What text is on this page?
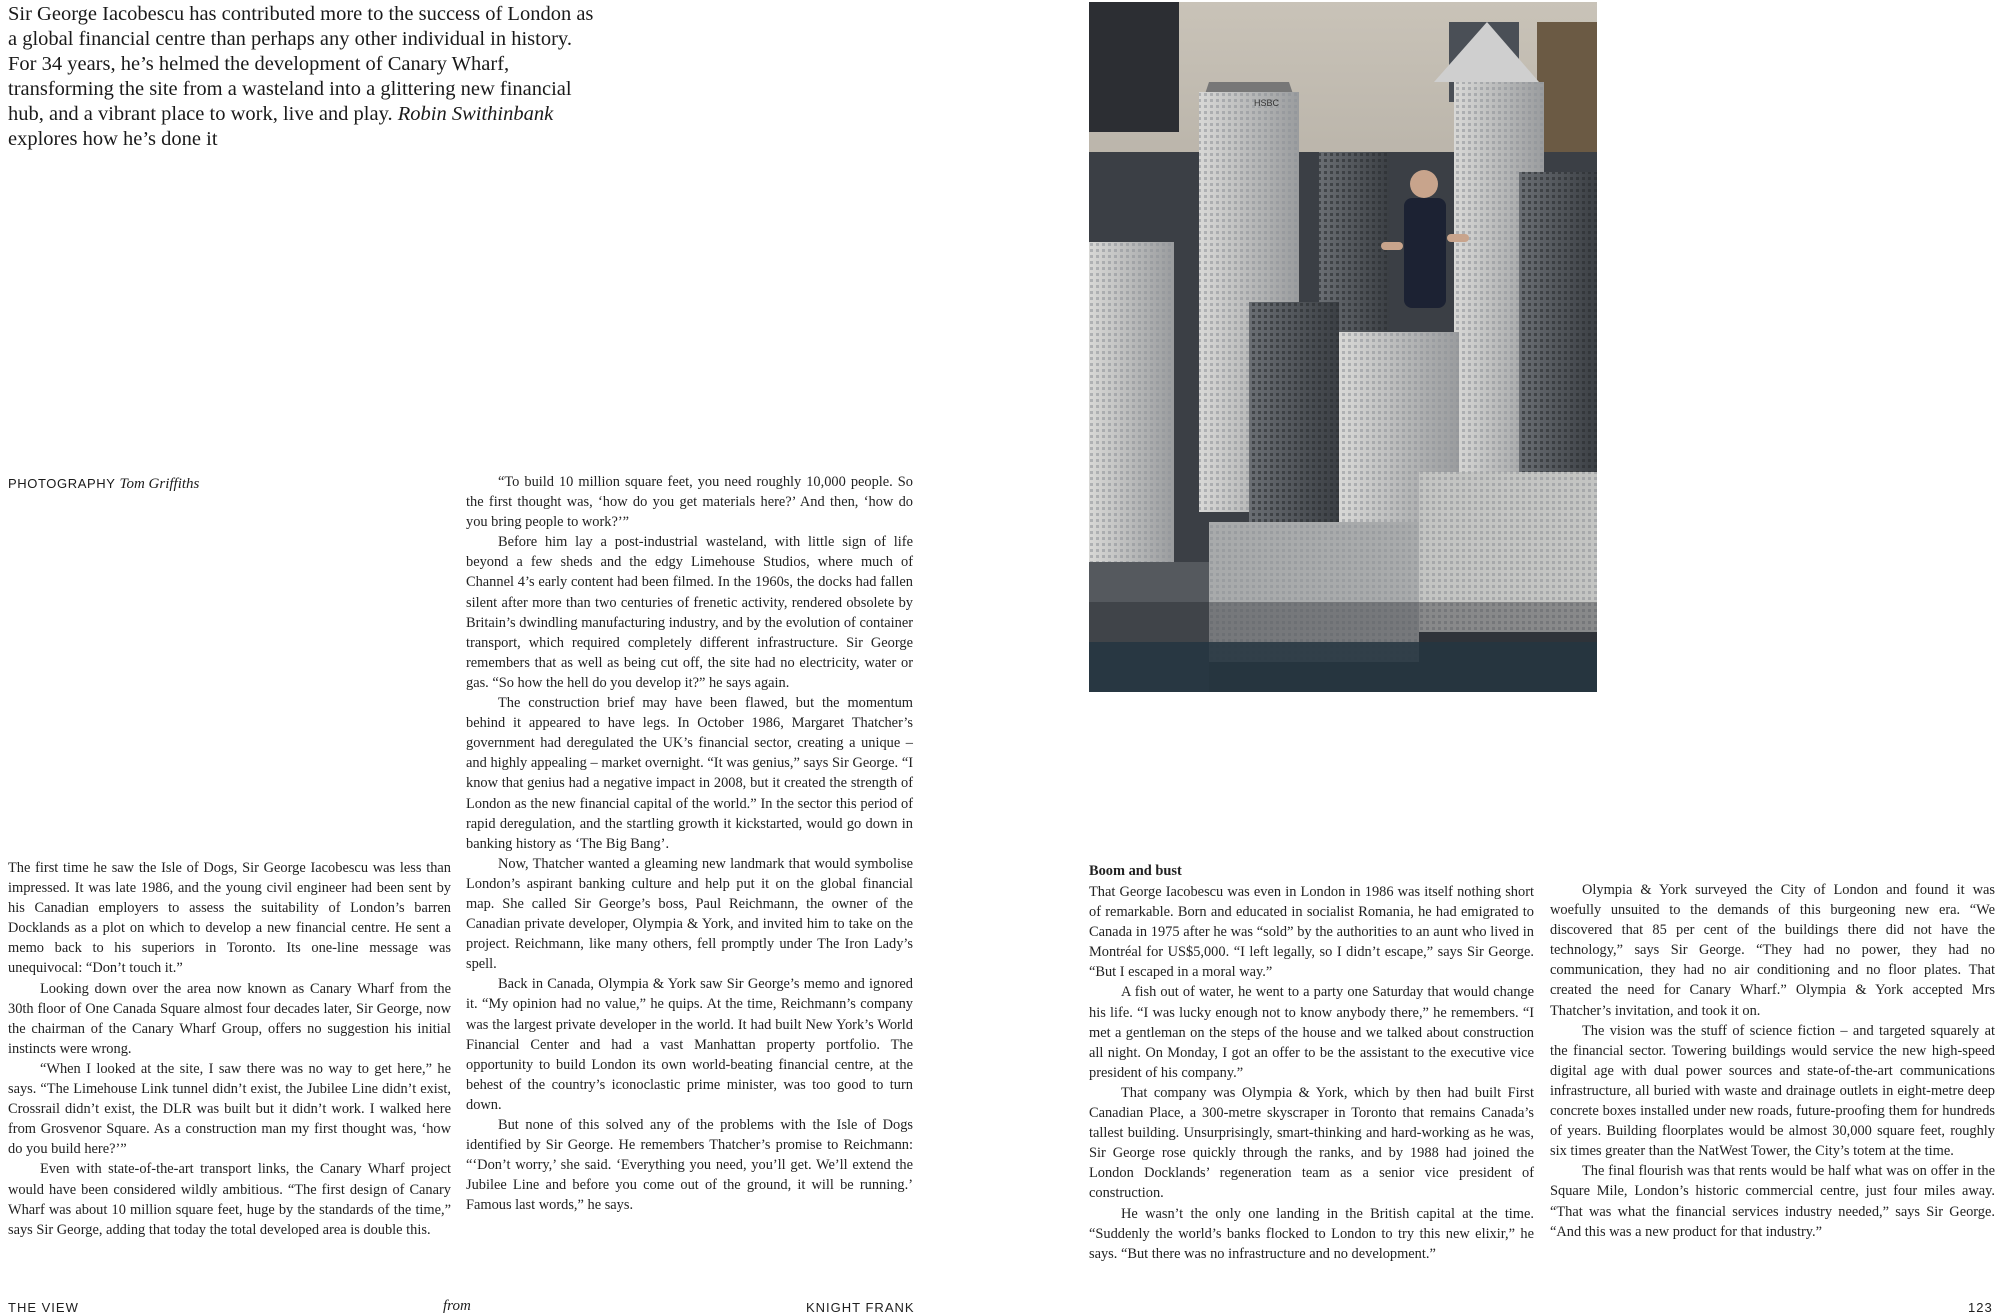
Sir George Iacobescu has contributed more to the success of London as a global financial centre than perhaps any other individual in history. For 34 years, he’s helmed the development of Canary Wharf, transforming the site from a wasteland into a glittering new financial hub, and a vibrant place to work, live and play. Robin Swithinbank explores how he’s done it
PHOTOGRAPHY Tom Griffiths

The first time he saw the Isle of Dogs, Sir George Iacobescu was less than impressed. It was late 1986, and the young civil engineer had been sent by his Canadian employers to assess the suitability of London’s barren Docklands as a plot on which to develop a new financial centre. He sent a memo back to his superiors in Toronto. Its one-line message was unequivocal: “Don’t touch it.”

Looking down over the area now known as Canary Wharf from the 30th floor of One Canada Square almost four decades later, Sir George, now the chairman of the Canary Wharf Group, offers no suggestion his initial instincts were wrong.

“When I looked at the site, I saw there was no way to get here,” he says. “The Limehouse Link tunnel didn’t exist, the Jubilee Line didn’t exist, Crossrail didn’t exist, the DLR was built but it didn’t work. I walked here from Grosvenor Square. As a construction man my first thought was, ‘how do you build here?’”

Even with state-of-the-art transport links, the Canary Wharf project would have been considered wildly ambitious. “The first design of Canary Wharf was about 10 million square feet, huge by the standards of the time,” says Sir George, adding that today the total developed area is double this.

“To build 10 million square feet, you need roughly 10,000 people. So the first thought was, ‘how do you get materials here?’ And then, ‘how do you bring people to work?’”

Before him lay a post-industrial wasteland, with little sign of life beyond a few sheds and the edgy Limehouse Studios, where much of Channel 4’s early content had been filmed. In the 1960s, the docks had fallen silent after more than two centuries of frenetic activity, rendered obsolete by Britain’s dwindling manufacturing industry, and by the evolution of container transport, which required completely different infrastructure. Sir George remembers that as well as being cut off, the site had no electricity, water or gas. “So how the hell do you develop it?” he says again.

The construction brief may have been flawed, but the momentum behind it appeared to have legs. In October 1986, Margaret Thatcher’s government had deregulated the UK’s financial sector, creating a unique – and highly appealing – market overnight. “It was genius,” says Sir George. “I know that genius had a negative impact in 2008, but it created the strength of London as the new financial capital of the world.” In the sector this period of rapid deregulation, and the startling growth it kickstarted, would go down in banking history as ‘The Big Bang’.

Now, Thatcher wanted a gleaming new landmark that would symbolise London’s aspirant banking culture and help put it on the global financial map. She called Sir George’s boss, Paul Reichmann, the owner of the Canadian private developer, Olympia & York, and invited him to take on the project. Reichmann, like many others, fell promptly under The Iron Lady’s spell.

Back in Canada, Olympia & York saw Sir George’s memo and ignored it. “My opinion had no value,” he quips. At the time, Reichmann’s company was the largest private developer in the world. It had built New York’s World Financial Center and had a vast Manhattan property portfolio. The opportunity to build London its own world-beating financial centre, at the behest of the country’s iconoclastic prime minister, was too good to turn down.

But none of this solved any of the problems with the Isle of Dogs identified by Sir George. He remembers Thatcher’s promise to Reichmann: “‘Don’t worry,’ she said. ‘Everything you need, you’ll get. We’ll extend the Jubilee Line and before you come out of the ground, it will be running.’ Famous last words,” he says.

HSBC
Boom and bust

That George Iacobescu was even in London in 1986 was itself nothing short of remarkable. Born and educated in socialist Romania, he had emigrated to Canada in 1975 after he was “sold” by the authorities to an aunt who lived in Montréal for US$5,000. “I left legally, so I didn’t escape,” says Sir George. “But I escaped in a moral way.”

A fish out of water, he went to a party one Saturday that would change his life. “I was lucky enough not to know anybody there,” he remembers. “I met a gentleman on the steps of the house and we talked about construction all night. On Monday, I got an offer to be the assistant to the executive vice president of his company.”

That company was Olympia & York, which by then had built First Canadian Place, a 300-metre skyscraper in Toronto that remains Canada’s tallest building. Unsurprisingly, smart-thinking and hard-working as he was, Sir George rose quickly through the ranks, and by 1988 had joined the London Docklands’ regeneration team as a senior vice president of construction.

He wasn’t the only one landing in the British capital at the time. “Suddenly the world’s banks flocked to London to try this new elixir,” he says. “But there was no infrastructure and no development.”

Olympia & York surveyed the City of London and found it was woefully unsuited to the demands of this burgeoning new era. “We discovered that 85 per cent of the buildings there did not have the technology,” says Sir George. “They had no power, they had no communication, they had no air conditioning and no floor plates. That created the need for Canary Wharf.” Olympia & York accepted Mrs Thatcher’s invitation, and took it on.

The vision was the stuff of science fiction – and targeted squarely at the financial sector. Towering buildings would service the new high-speed digital age with dual power sources and state-of-the-art communications infrastructure, all buried with waste and drainage outlets in eight-metre deep concrete boxes installed under new roads, future-proofing them for hundreds of years. Building floorplates would be almost 30,000 square feet, roughly six times greater than the NatWest Tower, the City’s totem at the time.

The final flourish was that rents would be half what was on offer in the Square Mile, London’s historic commercial centre, just four miles away. “That was what the financial services industry needed,” says Sir George. “And this was a new product for that industry.”

THE VIEW	from	KNIGHT FRANK	123
